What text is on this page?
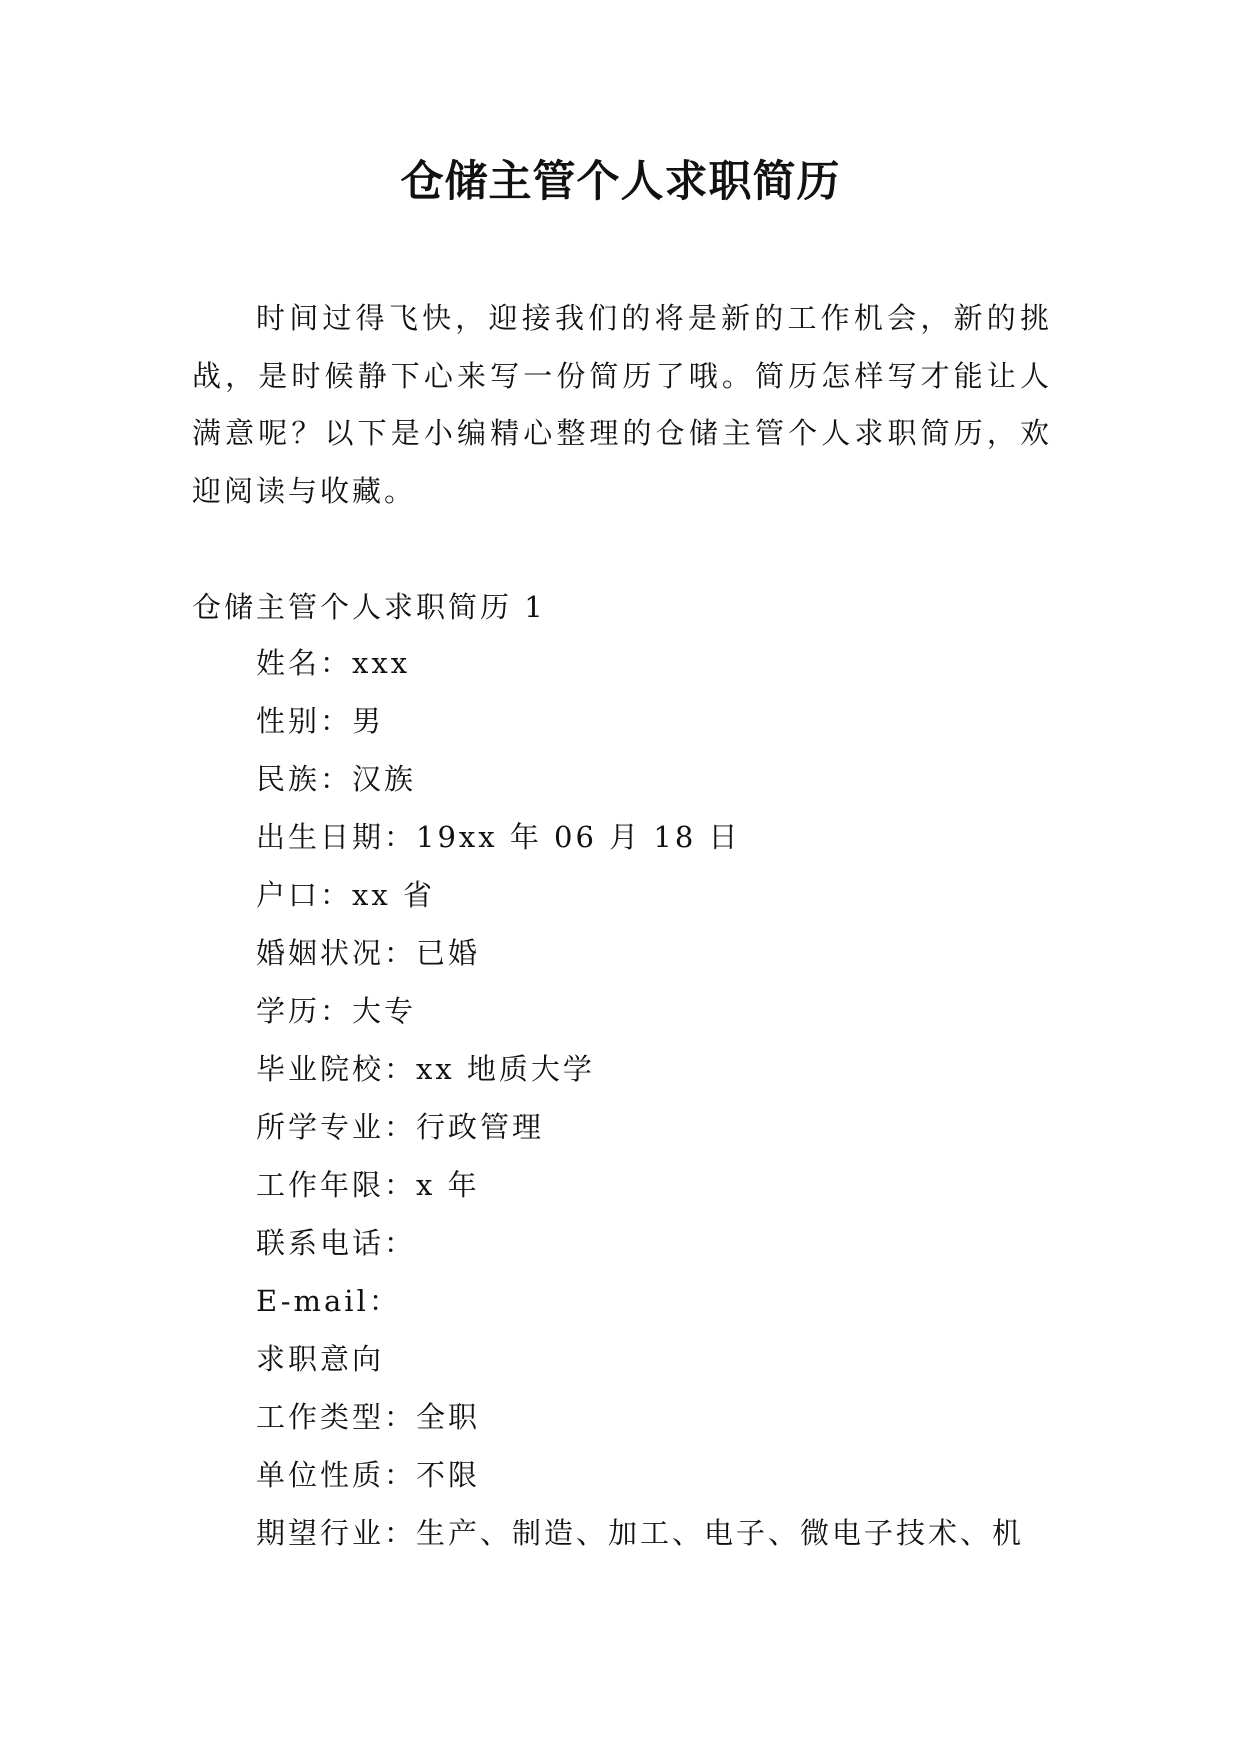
仓储主管个人求职简历

时间过得飞快，迎接我们的将是新的工作机会，新的挑战，是时候静下心来写一份简历了哦。简历怎样写才能让人满意呢？以下是小编精心整理的仓储主管个人求职简历，欢迎阅读与收藏。

仓储主管个人求职简历 1
姓名：xxx
性别：男
民族：汉族
出生日期：19xx 年 06 月 18 日
户口：xx 省
婚姻状况：已婚
学历：大专
毕业院校：xx 地质大学
所学专业：行政管理
工作年限：x 年
联系电话：
E-mail：
求职意向
工作类型：全职
单位性质：不限
期望行业：生产、制造、加工、电子、微电子技术、机
